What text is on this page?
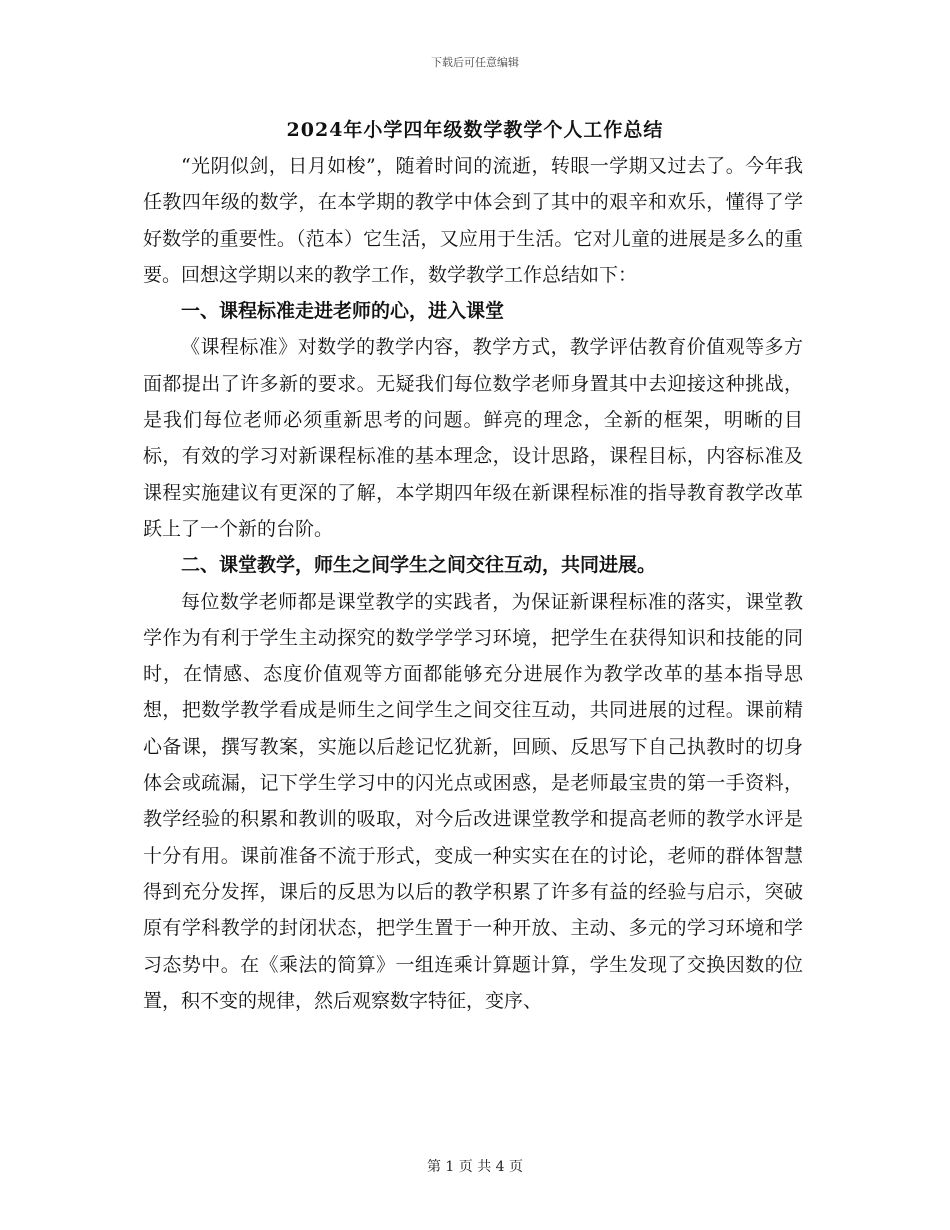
下载后可任意编辑
2024年小学四年级数学教学个人工作总结

“光阴似剑，日月如梭”，随着时间的流逝，转眼一学期又过去了。今年我任教四年级的数学，在本学期的教学中体会到了其中的艰辛和欢乐，懂得了学好数学的重要性。（范本）它生活，又应用于生活。它对儿童的进展是多么的重要。回想这学期以来的教学工作，数学教学工作总结如下：

一、课程标准走进老师的心，进入课堂

《课程标准》对数学的教学内容，教学方式，教学评估教育价值观等多方面都提出了许多新的要求。无疑我们每位数学老师身置其中去迎接这种挑战，是我们每位老师必须重新思考的问题。鲜亮的理念，全新的框架，明晰的目标，有效的学习对新课程标准的基本理念，设计思路，课程目标，内容标准及课程实施建议有更深的了解，本学期四年级在新课程标准的指导教育教学改革跃上了一个新的台阶。

二、课堂教学，师生之间学生之间交往互动，共同进展。

每位数学老师都是课堂教学的实践者，为保证新课程标准的落实，课堂教学作为有利于学生主动探究的数学学学习环境，把学生在获得知识和技能的同时，在情感、态度价值观等方面都能够充分进展作为教学改革的基本指导思想，把数学教学看成是师生之间学生之间交往互动，共同进展的过程。课前精心备课，撰写教案，实施以后趁记忆犹新，回顾、反思写下自己执教时的切身体会或疏漏，记下学生学习中的闪光点或困惑，是老师最宝贵的第一手资料，教学经验的积累和教训的吸取，对今后改进课堂教学和提高老师的教学水评是十分有用。课前准备不流于形式，变成一种实实在在的讨论，老师的群体智慧得到充分发挥，课后的反思为以后的教学积累了许多有益的经验与启示，突破原有学科教学的封闭状态，把学生置于一种开放、主动、多元的学习环境和学习态势中。在《乘法的简算》一组连乘计算题计算，学生发现了交换因数的位置，积不变的规律，然后观察数字特征，变序、

第 1 页 共 4 页
